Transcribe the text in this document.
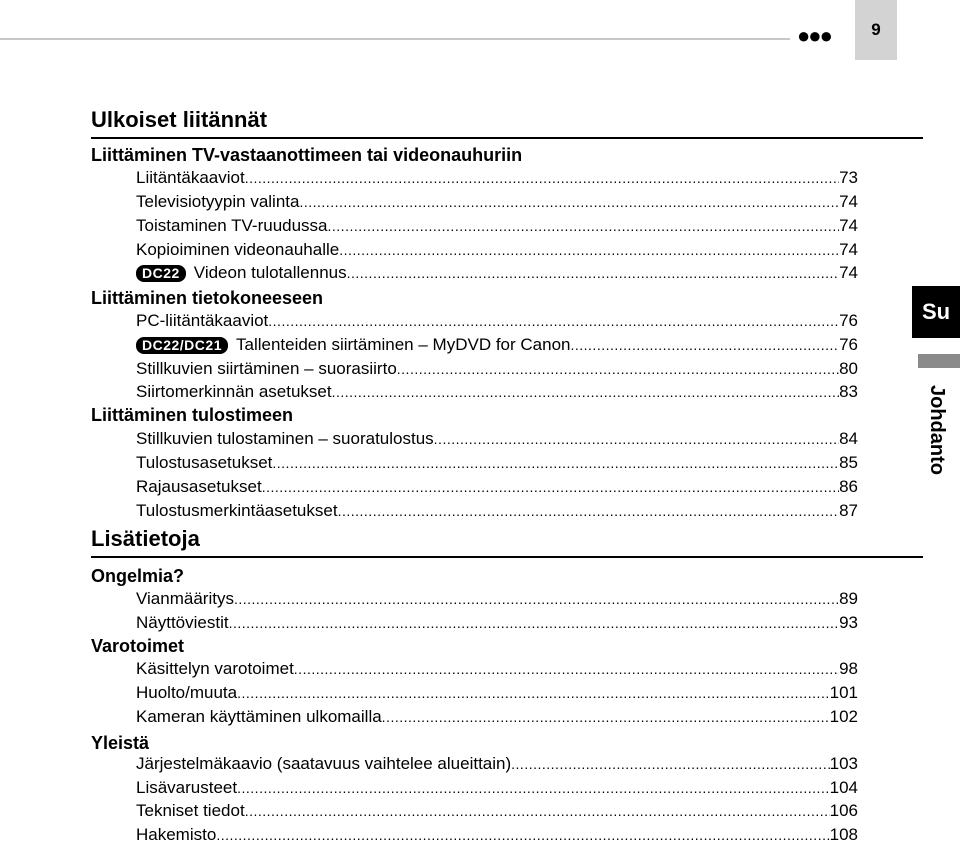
●●● 9
Su
Johdanto
Ulkoiset liitännät
Lisätietoja
Liittäminen TV-vastaanottimeen tai videonauhuriin
Liittäminen tietokoneeseen
Liittäminen tulostimeen
Ongelmia?
Varotoimet
Yleistä
Liitäntäkaaviot .....	73
Televisiotyypin valinta .....	74
Toistaminen TV-ruudussa .....	74
Kopioiminen videonauhalle .....	74
DC22 Videon tulotallennus .....	74
PC-liitäntäkaaviot .....	76
DC22/DC21 Tallenteiden siirtäminen – MyDVD for Canon .....	76
Stillkuvien siirtäminen – suorasiirto .....	80
Siirtomerkinnän asetukset .....	83
Stillkuvien tulostaminen – suoratulostus .....	84
Tulostusasetukset .....	85
Rajausasetukset .....	86
Tulostusmerkintäasetukset .....	87
Vianmääritys .....	89
Näyttöviestit .....	93
Käsittelyn varotoimet .....	98
Huolto/muuta .....	101
Kameran käyttäminen ulkomailla .....	102
Järjestelmäkaavio (saatavuus vaihtelee alueittain) .....	103
Lisävarusteet .....	104
Tekniset tiedot .....	106
Hakemisto .....	108
